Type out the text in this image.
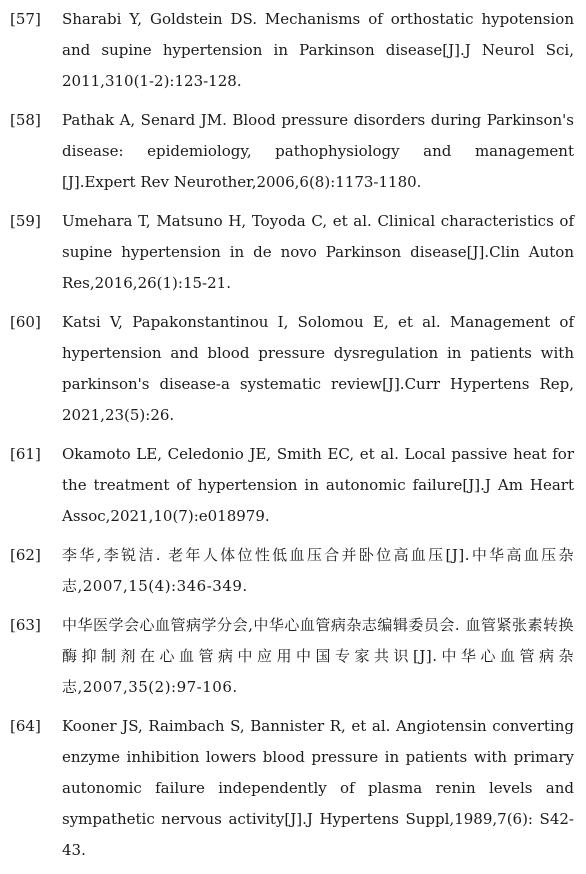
[57]	Sharabi Y, Goldstein DS. Mechanisms of orthostatic hypotension and supine hypertension in Parkinson disease[J].J Neurol Sci, 2011,310(1-2):123-128.
[58]	Pathak A, Senard JM. Blood pressure disorders during Parkinson's disease: epidemiology, pathophysiology and management [J].Expert Rev Neurother,2006,6(8):1173-1180.
[59]	Umehara T, Matsuno H, Toyoda C, et al. Clinical characteristics of supine hypertension in de novo Parkinson disease[J].Clin Auton Res,2016,26(1):15-21.
[60]	Katsi V, Papakonstantinou I, Solomou E, et al. Management of hypertension and blood pressure dysregulation in patients with parkinson's disease-a systematic review[J].Curr Hypertens Rep, 2021,23(5):26.
[61]	Okamoto LE, Celedonio JE, Smith EC, et al. Local passive heat for the treatment of hypertension in autonomic failure[J].J Am Heart Assoc,2021,10(7):e018979.
[62]	李华,李锐洁. 老年人体位性低血压合并卧位高血压[J].中华高血压杂志,2007,15(4):346-349.
[63]	中华医学会心血管病学分会,中华心血管病杂志编辑委员会. 血管紧张素转换酶抑制剂在心血管病中应用中国专家共识[J].中华心血管病杂志,2007,35(2):97-106.
[64]	Kooner JS, Raimbach S, Bannister R, et al. Angiotensin converting enzyme inhibition lowers blood pressure in patients with primary autonomic failure independently of plasma renin levels and sympathetic nervous activity[J].J Hypertens Suppl,1989,7(6): S42-43.
